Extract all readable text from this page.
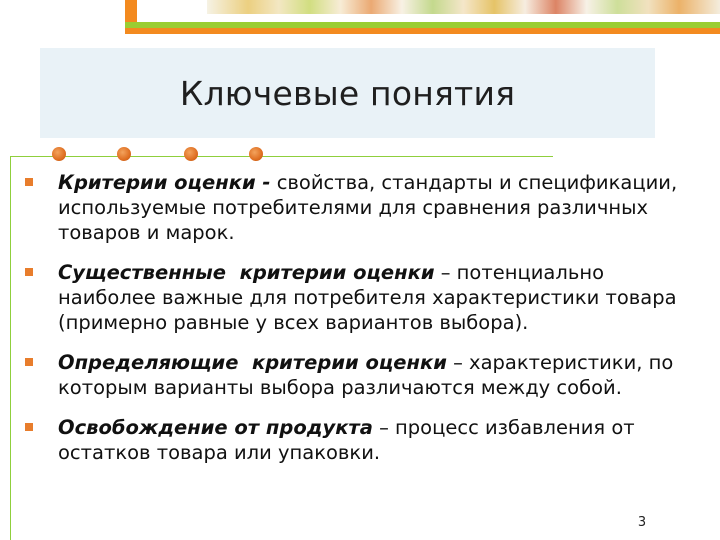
Ключевые понятия
Критерии оценки - свойства, стандарты и спецификации, используемые потребителями для сравнения различных товаров и марок.
Существенные  критерии оценки – потенциально наиболее важные для потребителя характеристики товара (примерно равные у всех вариантов выбора).
Определяющие  критерии оценки – характеристики, по которым варианты выбора различаются между собой.
Освобождение от продукта – процесс избавления от остатков товара или упаковки.
3
